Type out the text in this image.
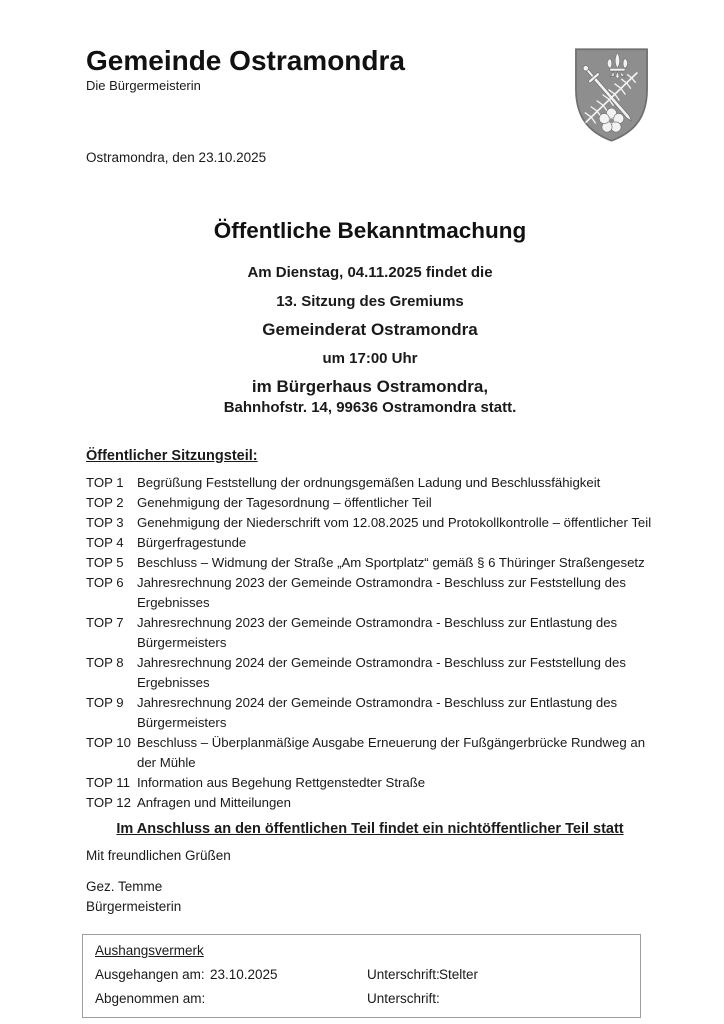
Gemeinde Ostramondra
Die Bürgermeisterin
Ostramondra, den 23.10.2025
Öffentliche Bekanntmachung

Am Dienstag, 04.11.2025 findet die

13. Sitzung des Gremiums

Gemeinderat Ostramondra

um 17:00 Uhr

im Bürgerhaus Ostramondra,

Bahnhofstr. 14, 99636 Ostramondra statt.

Öffentlicher Sitzungsteil:
TOP 1	Begrüßung Feststellung der ordnungsgemäßen Ladung und Beschlussfähigkeit
TOP 2	Genehmigung der Tagesordnung – öffentlicher Teil
TOP 3	Genehmigung der Niederschrift vom 12.08.2025 und Protokollkontrolle – öffentlicher Teil
TOP 4	Bürgerfragestunde
TOP 5	Beschluss – Widmung der Straße „Am Sportplatz“ gemäß § 6 Thüringer Straßengesetz
TOP 6	Jahresrechnung 2023 der Gemeinde Ostramondra - Beschluss zur Feststellung des Ergebnisses
TOP 7	Jahresrechnung 2023 der Gemeinde Ostramondra - Beschluss zur Entlastung des Bürgermeisters
TOP 8	Jahresrechnung 2024 der Gemeinde Ostramondra - Beschluss zur Feststellung des Ergebnisses
TOP 9	Jahresrechnung 2024 der Gemeinde Ostramondra - Beschluss zur Entlastung des Bürgermeisters
TOP 10 Beschluss – Überplanmäßige Ausgabe Erneuerung der Fußgängerbrücke Rundweg an der Mühle
TOP 11 Information aus Begehung Rettgenstedter Straße
TOP 12 Anfragen und Mitteilungen

Im Anschluss an den öffentlichen Teil findet ein nichtöffentlicher Teil statt

Mit freundlichen Grüßen

Gez. Temme
Bürgermeisterin
Aushangsvermerk
Ausgehangen am: 23.10.2025	Unterschrift: Stelter
Abgenommen am:	Unterschrift:
